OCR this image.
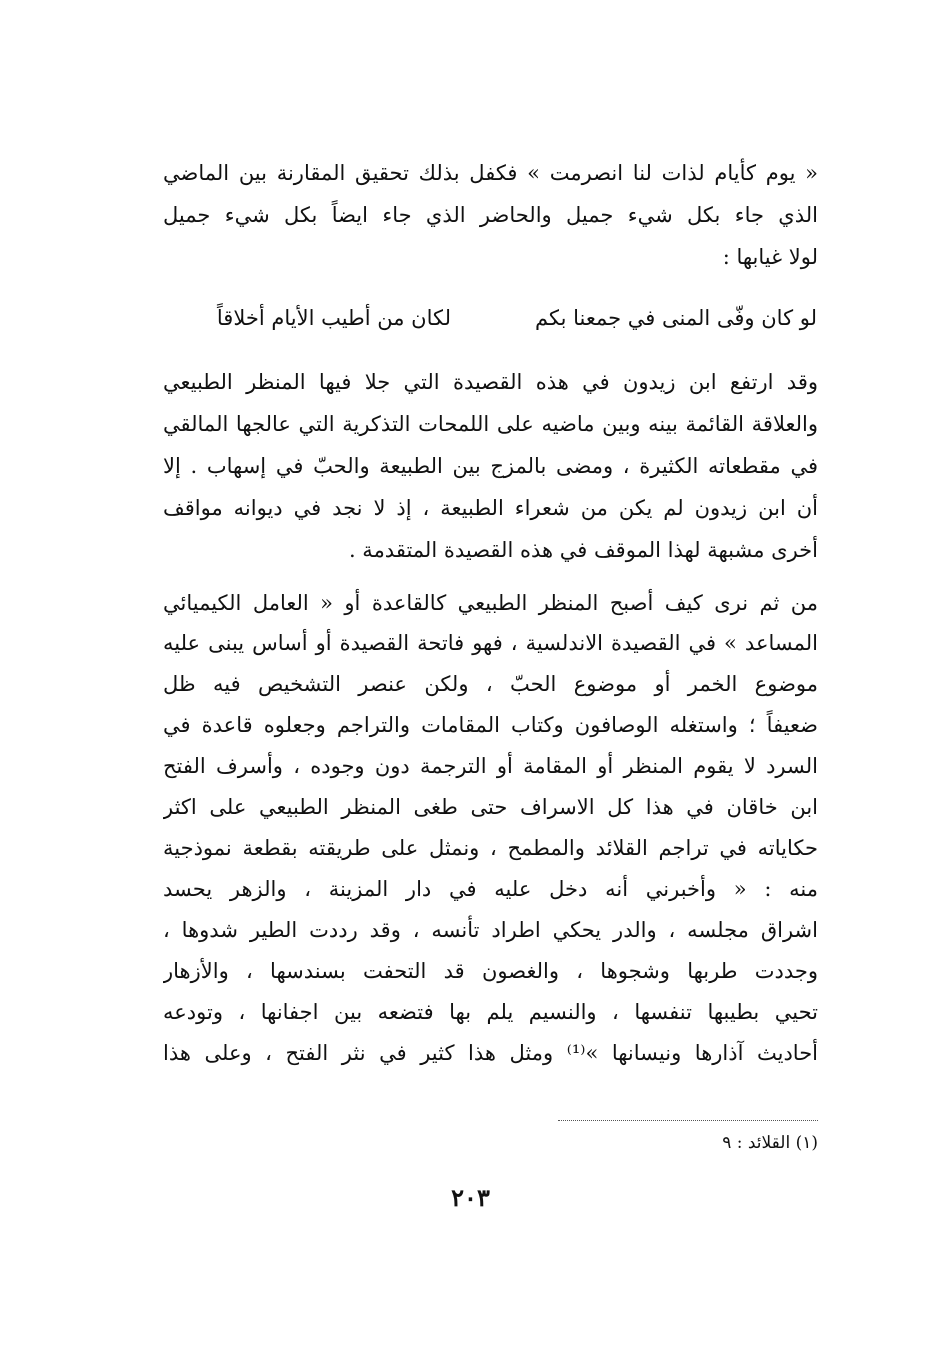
« يوم كأيام لذات لنا انصرمت » فكفل بذلك تحقيق المقارنة بين الماضي
الذي جاء بكل شيء جميل والحاضر الذي جاء ايضاً بكل شيء جميل
لولا غيابها :
لو كان وفّى المنى في جمعنا بكم
لكان من أطيب الأيام أخلاقاً
وقد ارتفع ابن زيدون في هذه القصيدة التي جلا فيها المنظر الطبيعي
والعلاقة القائمة بينه وبين ماضيه على اللمحات التذكرية التي عالجها المالقي
في مقطعاته الكثيرة ، ومضى بالمزج بين الطبيعة والحبّ في إسهاب . إلا
أن ابن زيدون لم يكن من شعراء الطبيعة ، إذ لا نجد في ديوانه مواقف
أخرى مشبهة لهذا الموقف في هذه القصيدة المتقدمة .
من ثم نرى كيف أصبح المنظر الطبيعي كالقاعدة أو « العامل الكيميائي
المساعد » في القصيدة الاندلسية ، فهو فاتحة القصيدة أو أساس يبنى عليه
موضوع الخمر أو موضوع الحبّ ، ولكن عنصر التشخيص فيه ظل
ضعيفاً ؛ واستغله الوصافون وكتاب المقامات والتراجم وجعلوه قاعدة في
السرد لا يقوم المنظر أو المقامة أو الترجمة دون وجوده ، وأسرف الفتح
ابن خاقان في هذا كل الاسراف حتى طغى المنظر الطبيعي على اكثر
حكاياته في تراجم القلائد والمطمح ، ونمثل على طريقته بقطعة نموذجية
منه : « وأخبرني أنه دخل عليه في دار المزينة ، والزهر يحسد
اشراق مجلسه ، والدر يحكي اطراد تأنسه ، وقد رددت الطير شدوها ،
وجددت طربها وشجوها ، والغصون قد التحفت بسندسها ، والأزهار
تحيي بطيبها تنفسها ، والنسيم يلم بها فتضعه بين اجفانها ، وتودعه
أحاديث آذارها ونيسانها »⁽¹⁾ ومثل هذا كثير في نثر الفتح ، وعلى هذا
(١) القلائد : ٩
٢٠٣
